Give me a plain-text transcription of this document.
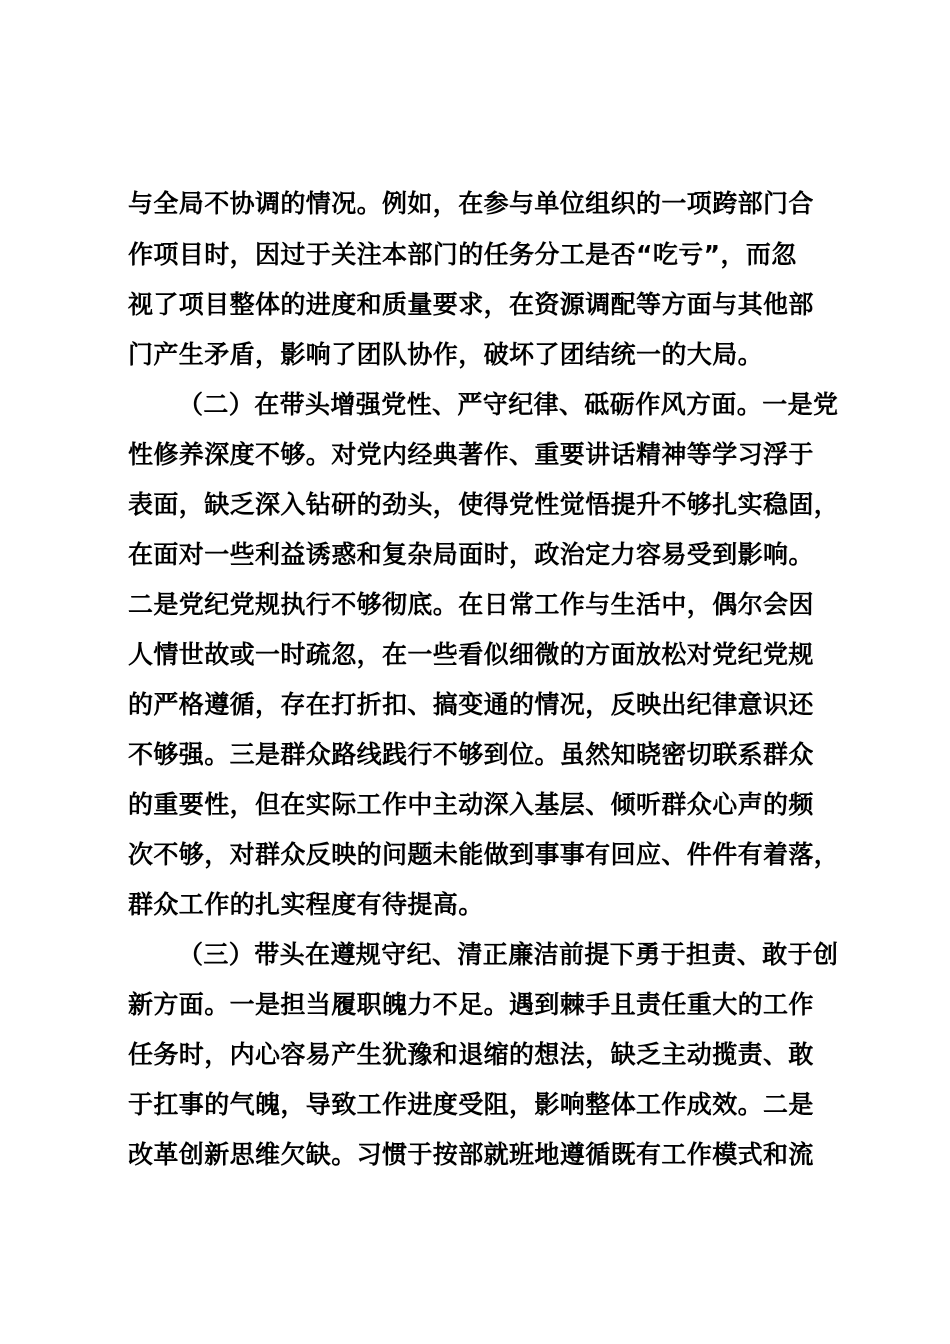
与全局不协调的情况。例如，在参与单位组织的一项跨部门合

作项目时，因过于关注本部门的任务分工是否“吃亏”，而忽

视了项目整体的进度和质量要求，在资源调配等方面与其他部

门产生矛盾，影响了团队协作，破坏了团结统一的大局。

（二）在带头增强党性、严守纪律、砥砺作风方面。一是党

性修养深度不够。对党内经典著作、重要讲话精神等学习浮于

表面，缺乏深入钻研的劲头，使得党性觉悟提升不够扎实稳固，

在面对一些利益诱惑和复杂局面时，政治定力容易受到影响。

二是党纪党规执行不够彻底。在日常工作与生活中，偶尔会因

人情世故或一时疏忽，在一些看似细微的方面放松对党纪党规

的严格遵循，存在打折扣、搞变通的情况，反映出纪律意识还

不够强。三是群众路线践行不够到位。虽然知晓密切联系群众

的重要性，但在实际工作中主动深入基层、倾听群众心声的频

次不够，对群众反映的问题未能做到事事有回应、件件有着落，

群众工作的扎实程度有待提高。

（三）带头在遵规守纪、清正廉洁前提下勇于担责、敢于创

新方面。一是担当履职魄力不足。遇到棘手且责任重大的工作

任务时，内心容易产生犹豫和退缩的想法，缺乏主动揽责、敢

于扛事的气魄，导致工作进度受阻，影响整体工作成效。二是

改革创新思维欠缺。习惯于按部就班地遵循既有工作模式和流
